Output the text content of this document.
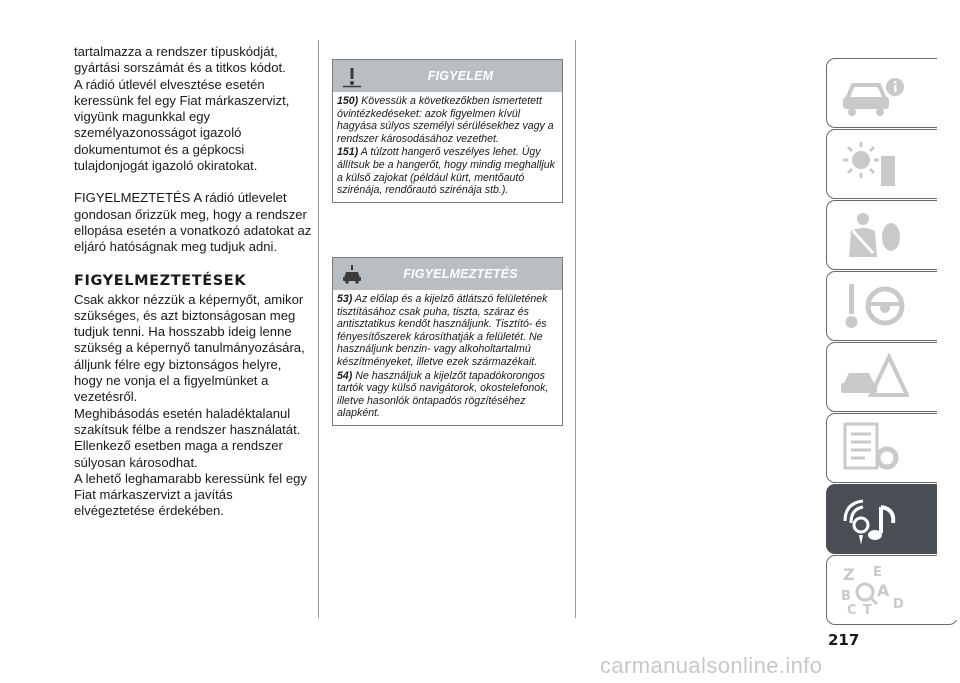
tartalmazza a rendszer típuskódját, gyártási sorszámát és a titkos kódot.

A rádió útlevél elvesztése esetén keressünk fel egy Fiat márkaszervizt, vigyünk magunkkal egy személyazonosságot igazoló dokumentumot és a gépkocsi tulajdonjogát igazoló okiratokat.

FIGYELMEZTETÉS A rádió útlevelet gondosan őrizzük meg, hogy a rendszer ellopása esetén a vonatkozó adatokat az eljáró hatóságnak meg tudjuk adni.

FIGYELMEZTETÉSEK

Csak akkor nézzük a képernyőt, amikor szükséges, és azt biztonságosan meg tudjuk tenni. Ha hosszabb ideig lenne szükség a képernyő tanulmányozására, álljunk félre egy biztonságos helyre, hogy ne vonja el a figyelmünket a vezetésről.

Meghibásodás esetén haladéktalanul szakítsuk félbe a rendszer használatát. Ellenkező esetben maga a rendszer súlyosan károsodhat.

A lehető leghamarabb keressünk fel egy Fiat márkaszervizt a javítás elvégeztetése érdekében.

FIGYELEM

150) Kövessük a következőkben ismertetett óvintézkedéseket: azok figyelmen kívül hagyása súlyos személyi sérülésekhez vagy a rendszer károsodásához vezethet.

151) A túlzott hangerő veszélyes lehet. Úgy állítsuk be a hangerőt, hogy mindig meghalljuk a külső zajokat (például kürt, mentőautó szirénája, rendőrautó szirénája stb.).

FIGYELMEZTETÉS

53) Az előlap és a kijelző átlátszó felületének tisztításához csak puha, tiszta, száraz és antisztatikus kendőt használjunk. Tisztító- és fényesítőszerek károsíthatják a felületét. Ne használjunk benzin- vagy alkoholtartalmú készítményeket, illetve ezek származékait.

54) Ne használjuk a kijelzőt tapadókorongos tartók vagy külső navigátorok, okostelefonok, illetve hasonlók öntapadós rögzítéséhez alapként.

Z E
B A
C T D
217
carmanualsonline.info
